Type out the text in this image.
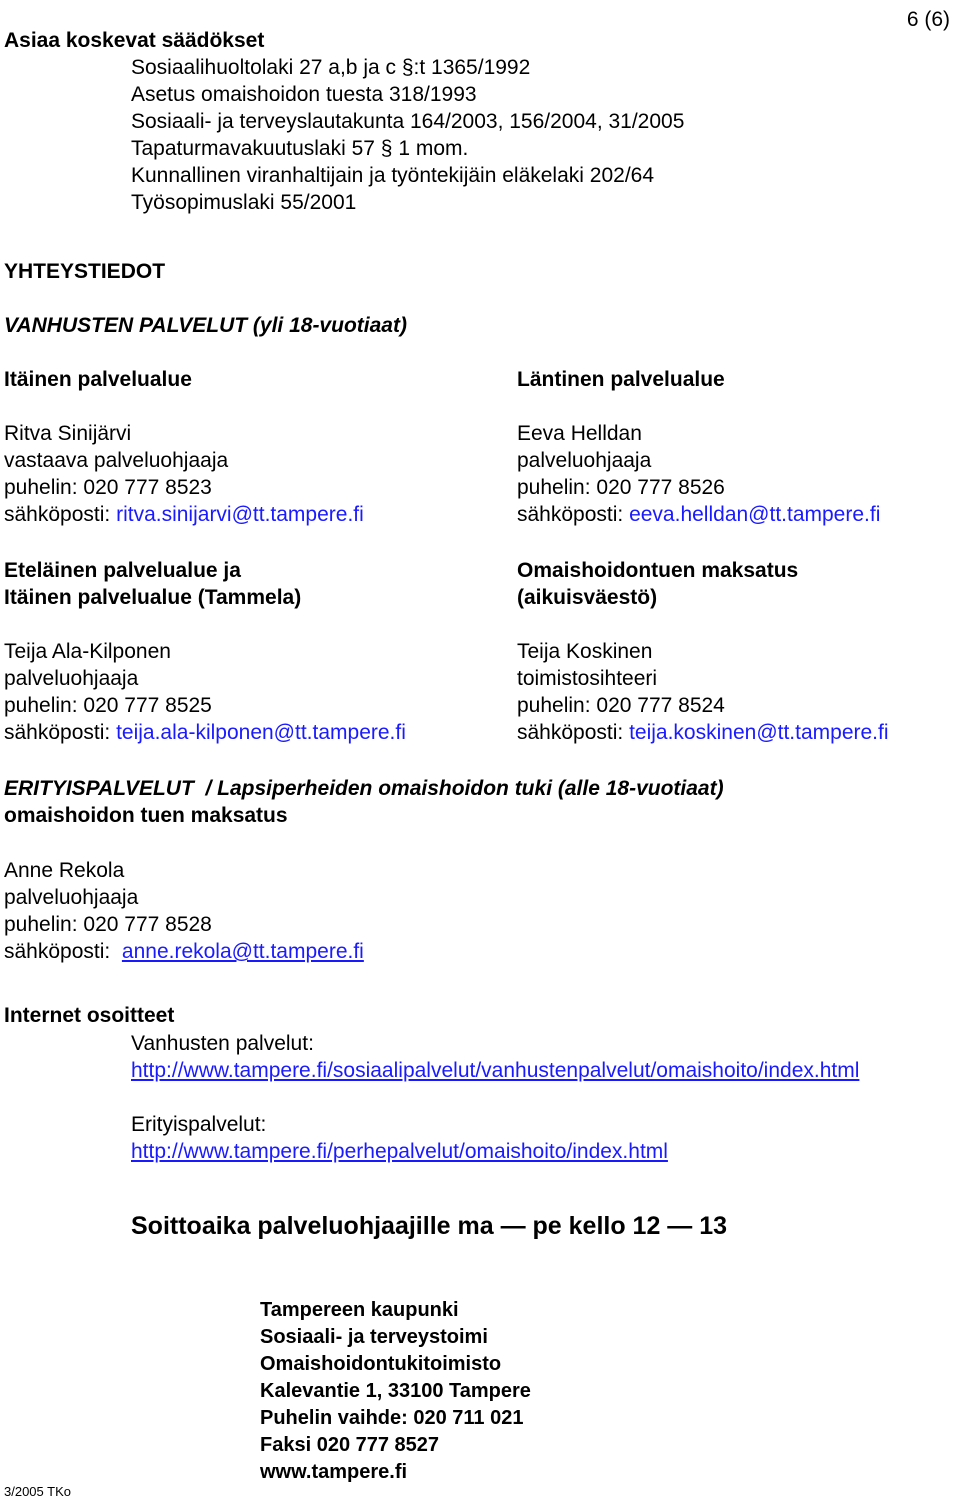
6 (6)
Asiaa koskevat säädökset
Sosiaalihuoltolaki 27 a,b ja c §:t 1365/1992
Asetus omaishoidon tuesta 318/1993
Sosiaali- ja terveyslautakunta 164/2003, 156/2004, 31/2005
Tapaturmavakuutuslaki 57 § 1 mom.
Kunnallinen viranhaltijain ja työntekijäin eläkelaki 202/64
Työsopimuslaki 55/2001
YHTEYSTIEDOT
VANHUSTEN PALVELUT (yli 18-vuotiaat)
Itäinen palvelualue
Ritva Sinijärvi
vastaava palveluohjaaja
puhelin: 020 777 8523
sähköposti: ritva.sinijarvi@tt.tampere.fi
Läntinen palvelualue
Eeva Helldan
palveluohjaaja
puhelin: 020 777 8526
sähköposti: eeva.helldan@tt.tampere.fi
Eteläinen palvelualue ja
Itäinen palvelualue (Tammela)
Teija Ala-Kilponen
palveluohjaaja
puhelin: 020 777 8525
sähköposti: teija.ala-kilponen@tt.tampere.fi
Omaishoidontuen maksatus
(aikuisväestö)
Teija Koskinen
toimistosihteeri
puhelin: 020 777 8524
sähköposti: teija.koskinen@tt.tampere.fi
ERITYISPALVELUT / Lapsiperheiden omaishoidon tuki (alle 18-vuotiaat)
omaishoidon tuen maksatus
Anne Rekola
palveluohjaaja
puhelin: 020 777 8528
sähköposti: anne.rekola@tt.tampere.fi
Internet osoitteet
Vanhusten palvelut:
http://www.tampere.fi/sosiaalipalvelut/vanhustenpalvelut/omaishoito/index.html
Erityispalvelut:
http://www.tampere.fi/perhepalvelut/omaishoito/index.html
Soittoaika palveluohjaajille ma — pe kello 12 — 13
Tampereen kaupunki
Sosiaali- ja terveystoimi
Omaishoidontukitoimisto
Kalevantie 1, 33100 Tampere
Puhelin vaihde: 020 711 021
Faksi 020 777 8527
www.tampere.fi
3/2005 TKo
